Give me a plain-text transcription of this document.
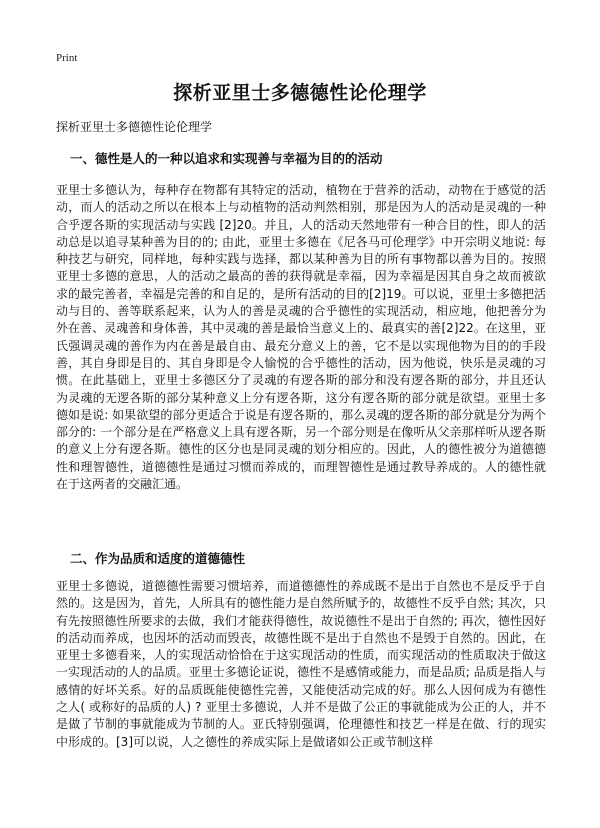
Print
探析亚里士多德德性论伦理学
探析亚里士多德德性论伦理学
一、德性是人的一种以追求和实现善与幸福为目的的活动

亚里士多德认为，每种存在物都有其特定的活动，植物在于营养的活动，动物在于感觉的活动，而人的活动之所以在根本上与动植物的活动判然相别，那是因为人的活动是灵魂的一种合乎逻各斯的实现活动与实践 [2]20。并且，人的活动天然地带有一种合目的性，即人的活动总是以追寻某种善为目的的; 由此，亚里士多德在《尼各马可伦理学》中开宗明义地说: 每种技艺与研究，同样地，每种实践与选择，都以某种善为目的所有事物都以善为目的。按照亚里士多德的意思，人的活动之最高的善的获得就是幸福，因为幸福是因其自身之故而被欲求的最完善者，幸福是完善的和自足的，是所有活动的目的[2]19。可以说，亚里士多德把活动与目的、善等联系起来，认为人的善是灵魂的合乎德性的实现活动，相应地，他把善分为外在善、灵魂善和身体善，其中灵魂的善是最恰当意义上的、最真实的善[2]22。在这里，亚氏强调灵魂的善作为内在善是最自由、最充分意义上的善，它不是以实现他物为目的的手段善，其自身即是目的、其自身即是令人愉悦的合乎德性的活动，因为他说，快乐是灵魂的习惯。在此基础上，亚里士多德区分了灵魂的有逻各斯的部分和没有逻各斯的部分，并且还认为灵魂的无逻各斯的部分某种意义上分有逻各斯，这分有逻各斯的部分就是欲望。亚里士多德如是说: 如果欲望的部分更适合于说是有逻各斯的，那么灵魂的逻各斯的部分就是分为两个部分的: 一个部分是在严格意义上具有逻各斯，另一个部分则是在像听从父亲那样听从逻各斯的意义上分有逻各斯。德性的区分也是同灵魂的划分相应的。因此，人的德性被分为道德德性和理智德性，道德德性是通过习惯而养成的，而理智德性是通过教导养成的。人的德性就在于这两者的交融汇通。

二、作为品质和适度的道德德性

亚里士多德说，道德德性需要习惯培养，而道德德性的养成既不是出于自然也不是反乎于自然的。这是因为，首先，人所具有的德性能力是自然所赋予的，故德性不反乎自然; 其次，只有先按照德性所要求的去做，我们才能获得德性，故说德性不是出于自然的; 再次，德性因好的活动而养成，也因坏的活动而毁丧，故德性既不是出于自然也不是毁于自然的。因此，在亚里士多德看来，人的实现活动恰恰在于这实现活动的性质，而实现活动的性质取决于做这一实现活动的人的品质。亚里士多德论证说，德性不是感情或能力，而是品质; 品质是指人与感情的好坏关系。好的品质既能使德性完善，又能使活动完成的好。那么人因何成为有德性之人( 或称好的品质的人) ? 亚里士多德说，人并不是做了公正的事就能成为公正的人，并不是做了节制的事就能成为节制的人。亚氏特别强调，伦理德性和技艺一样是在做、行的现实中形成的。[3]可以说，人之德性的养成实际上是做诸如公正或节制这样
